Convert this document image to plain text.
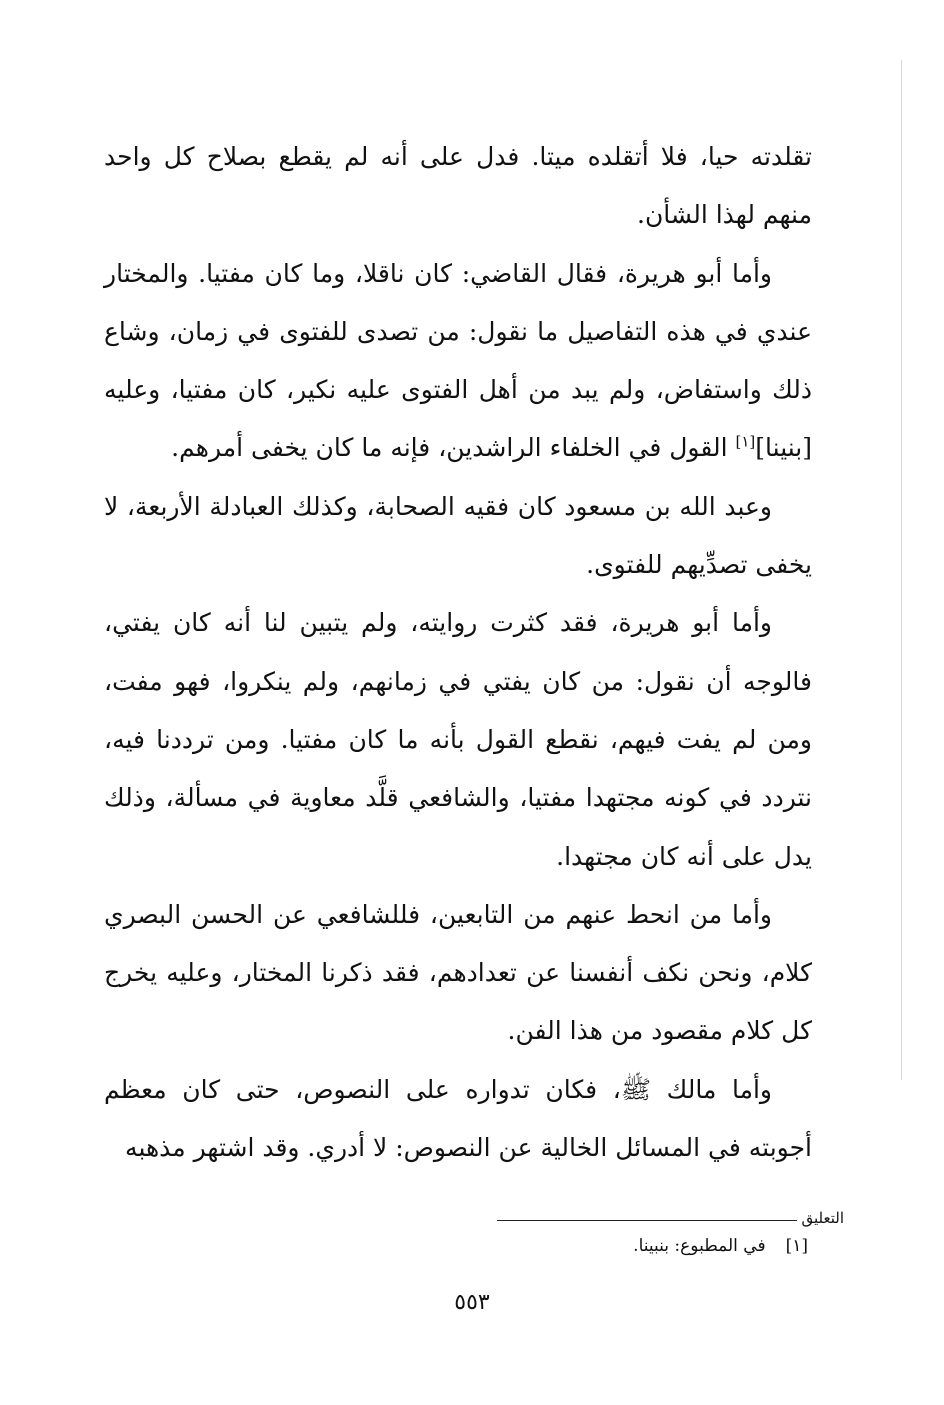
تقلدته حيا، فلا أتقلده ميتا. فدل على أنه لم يقطع بصلاح كل واحد منهم لهذا الشأن.

وأما أبو هريرة، فقال القاضي: كان ناقلا، وما كان مفتيا. والمختار عندي في هذه التفاصيل ما نقول: من تصدى للفتوى في زمان، وشاع ذلك واستفاض، ولم يبد من أهل الفتوى عليه نكير، كان مفتيا، وعليه [بنينا][١] القول في الخلفاء الراشدين، فإنه ما كان يخفى أمرهم.

وعبد الله بن مسعود كان فقيه الصحابة، وكذلك العبادلة الأربعة، لا يخفى تصدِّيهم للفتوى.

وأما أبو هريرة، فقد كثرت روايته، ولم يتبين لنا أنه كان يفتي، فالوجه أن نقول: من كان يفتي في زمانهم، ولم ينكروا، فهو مفت، ومن لم يفت فيهم، نقطع القول بأنه ما كان مفتيا. ومن ترددنا فيه، نتردد في كونه مجتهدا مفتيا، والشافعي قلَّد معاوية في مسألة، وذلك يدل على أنه كان مجتهدا.

وأما من انحط عنهم من التابعين، فللشافعي عن الحسن البصري كلام، ونحن نكف أنفسنا عن تعدادهم، فقد ذكرنا المختار، وعليه يخرج كل كلام مقصود من هذا الفن.

وأما مالك ﷺ، فكان تدواره على النصوص، حتى كان معظم أجوبته في المسائل الخالية عن النصوص: لا أدري. وقد اشتهر مذهبه

التعليق
[١]
في المطبوع: بنبينا.
٥٥٣
